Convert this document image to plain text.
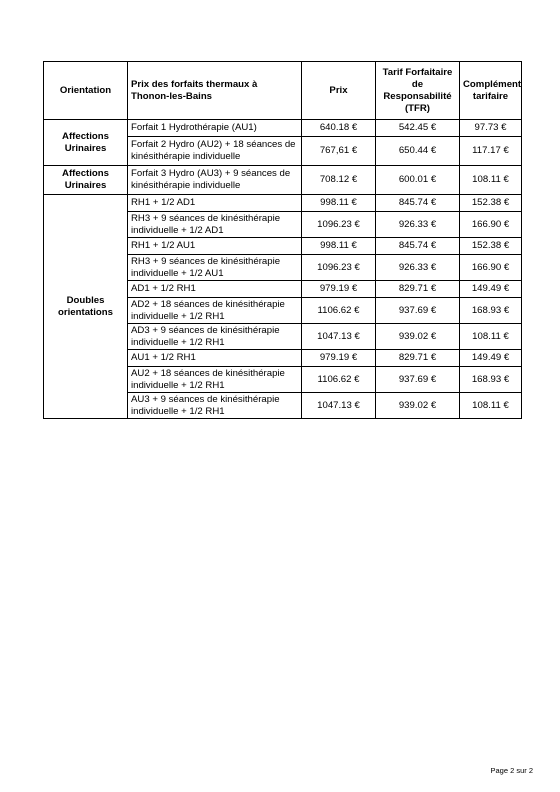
Orientation	Prix des forfaits thermaux à Thonon-les-Bains	Prix	Tarif Forfaitaire de Responsabilité (TFR)	Complément tarifaire
Affections Urinaires	Forfait 1 Hydrothérapie (AU1)	640.18 €	542.45 €	97.73 €
	Forfait 2 Hydro (AU2) + 18 séances de kinésithérapie individuelle	767,61 €	650.44 €	117.17 €
Affections Urinaires	Forfait 3 Hydro (AU3) + 9 séances de kinésithérapie individuelle	708.12 €	600.01 €	108.11 €
Doubles orientations	RH1 + 1/2 AD1	998.11 €	845.74 €	152.38 €
	RH3 + 9 séances de kinésithérapie individuelle + 1/2 AD1	1096.23 €	926.33 €	166.90 €
	RH1 + 1/2 AU1	998.11 €	845.74 €	152.38 €
	RH3 + 9 séances de kinésithérapie individuelle + 1/2 AU1	1096.23 €	926.33 €	166.90 €
	AD1 + 1/2 RH1	979.19 €	829.71 €	149.49 €
	AD2 + 18 séances de kinésithérapie individuelle + 1/2 RH1	1106.62 €	937.69 €	168.93 €
	AD3 + 9 séances de kinésithérapie individuelle + 1/2 RH1	1047.13 €	939.02 €	108.11 €
	AU1 + 1/2 RH1	979.19 €	829.71 €	149.49 €
	AU2 + 18 séances de kinésithérapie individuelle + 1/2 RH1	1106.62 €	937.69 €	168.93 €
	AU3 + 9 séances de kinésithérapie individuelle + 1/2 RH1	1047.13 €	939.02 €	108.11 €
Page 2 sur 2
